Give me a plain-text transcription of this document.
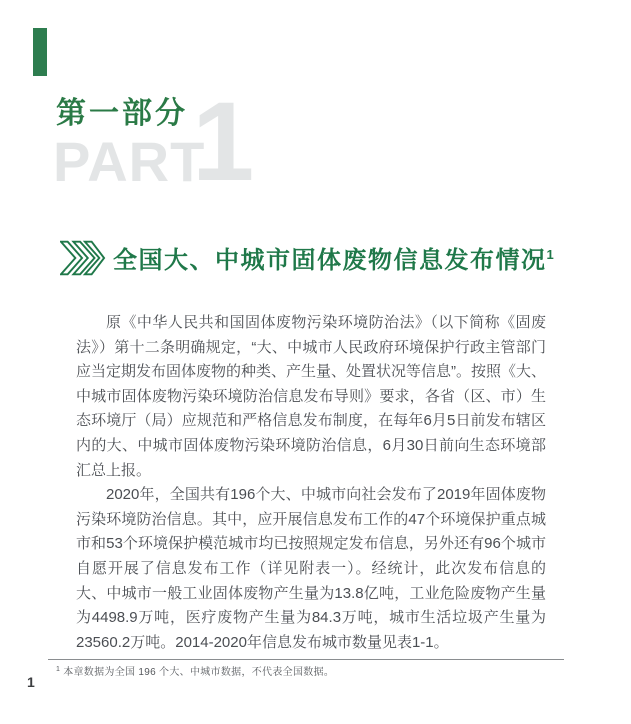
第一部分
PART
1
全国大、中城市固体废物信息发布情况$^1$

原《中华人民共和国固体废物污染环境防治法》（以下简称《固废法》）第十二条明确规定，“大、中城市人民政府环境保护行政主管部门应当定期发布固体废物的种类、产生量、处置状况等信息”。按照《大、中城市固体废物污染环境防治信息发布导则》要求，各省（区、市）生态环境厅（局）应规范和严格信息发布制度，在每年6月5日前发布辖区内的大、中城市固体废物污染环境防治信息，6月30日前向生态环境部汇总上报。

2020年，全国共有196个大、中城市向社会发布了2019年固体废物污染环境防治信息。其中，应开展信息发布工作的47个环境保护重点城市和53个环境保护模范城市均已按照规定发布信息，另外还有96个城市自愿开展了信息发布工作（详见附表一）。经统计，此次发布信息的大、中城市一般工业固体废物产生量为13.8亿吨，工业危险废物产生量为4498.9万吨，医疗废物产生量为84.3万吨，城市生活垃圾产生量为23560.2万吨。2014-2020年信息发布城市数量见表1-1。

$^1$ 本章数据为全国 196 个大、中城市数据，不代表全国数据。
1
